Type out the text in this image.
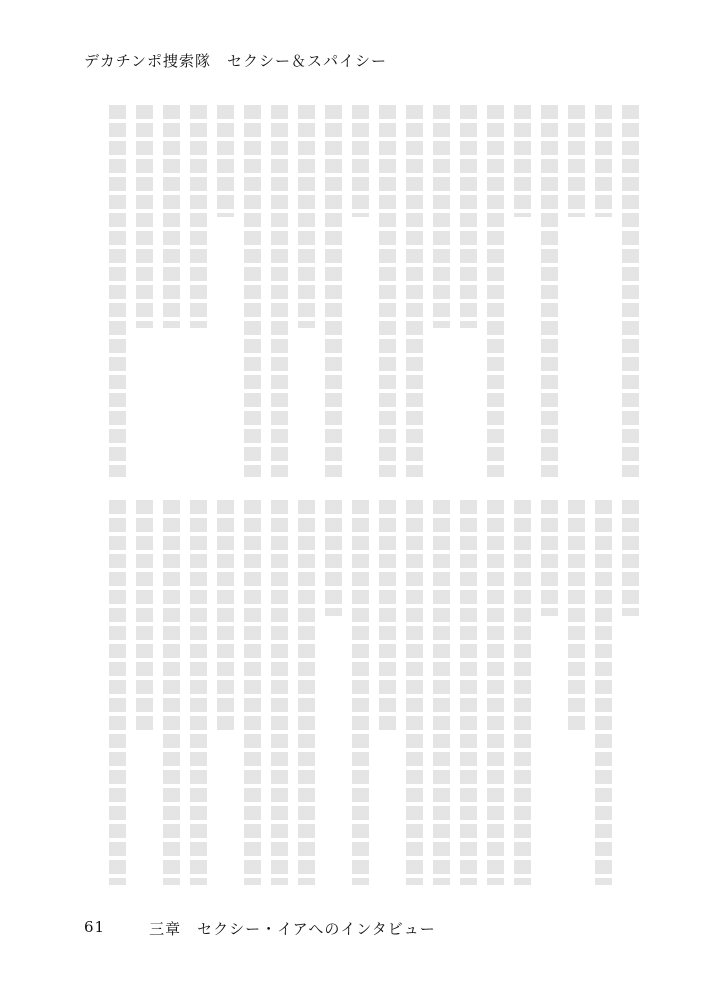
デカチンポ捜索隊　セクシー＆スパイシー
61	三章　セクシー・イアへのインタビュー
